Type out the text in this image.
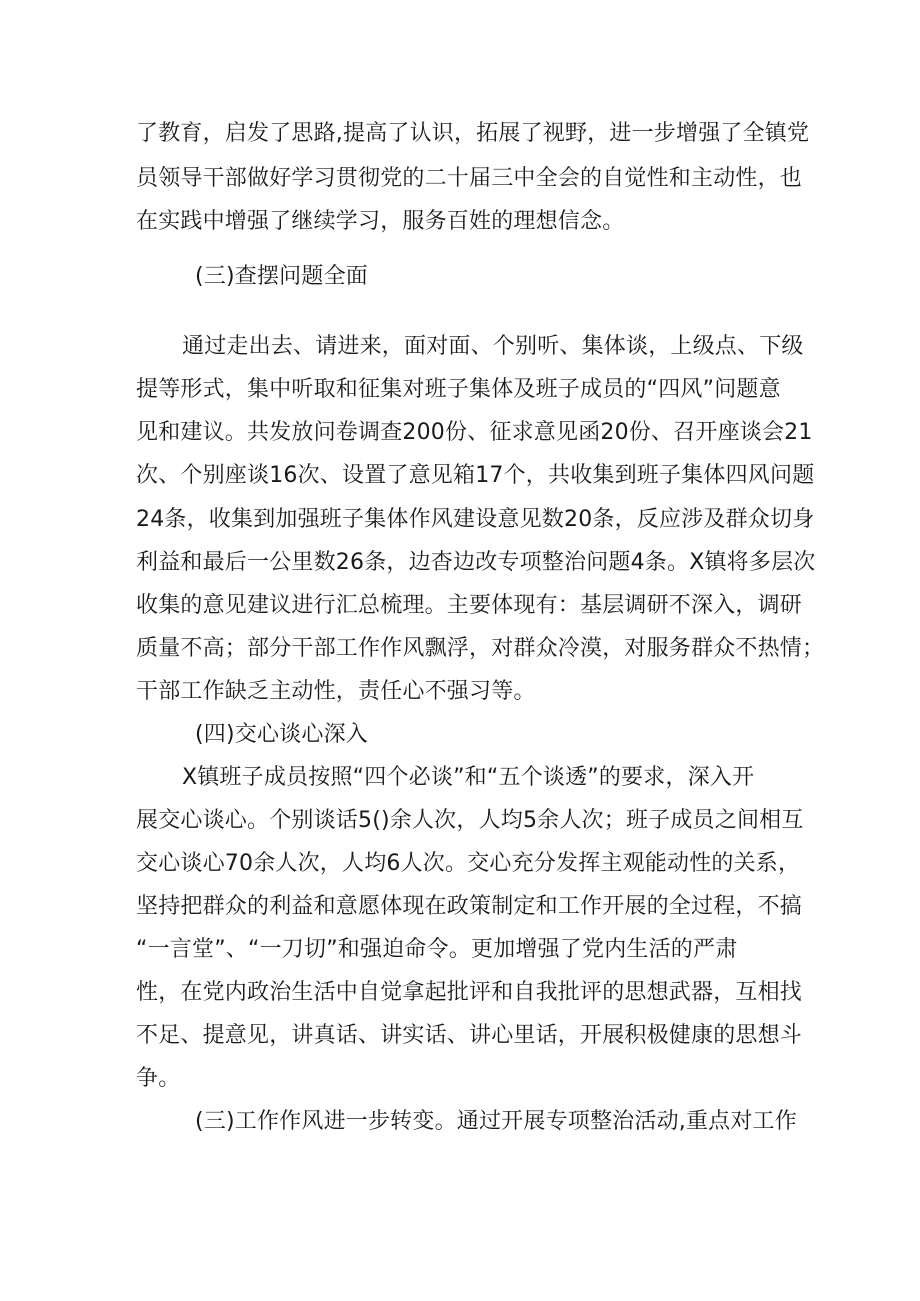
了教育，启发了思路,提高了认识，拓展了视野，进一步增强了全镇党
员领导干部做好学习贯彻党的二十届三中全会的自觉性和主动性，也
在实践中增强了继续学习，服务百姓的理想信念。
(三)查摆问题全面
通过走出去、请进来，面对面、个别听、集体谈，上级点、下级
提等形式，集中听取和征集对班子集体及班子成员的“四风”问题意
见和建议。共发放问卷调查200份、征求意见函20份、召开座谈会21
次、个别座谈16次、设置了意见箱17个，共收集到班子集体四风问题
24条，收集到加强班子集体作风建设意见数20条，反应涉及群众切身
利益和最后一公里数26条，边杳边改专项整治问题4条。X镇将多层次
收集的意见建议进行汇总梳理。主要体现有：基层调研不深入，调研
质量不高；部分干部工作作风飘浮，对群众冷漠，对服务群众不热情；
干部工作缺乏主动性，责任心不强习等。
(四)交心谈心深入
X镇班子成员按照“四个必谈”和“五个谈透”的要求，深入开
展交心谈心。个别谈话5()余人次，人均5余人次；班子成员之间相互
交心谈心70余人次，人均6人次。交心充分发挥主观能动性的关系，
坚持把群众的利益和意愿体现在政策制定和工作开展的全过程，不搞
“一言堂”、“一刀切”和强迫命令。更加增强了党内生活的严肃
性，在党内政治生活中自觉拿起批评和自我批评的思想武器，互相找
不足、提意见，讲真话、讲实话、讲心里话，开展积极健康的思想斗
争。
(三)工作作风进一步转变。通过开展专项整治活动,重点对工作
